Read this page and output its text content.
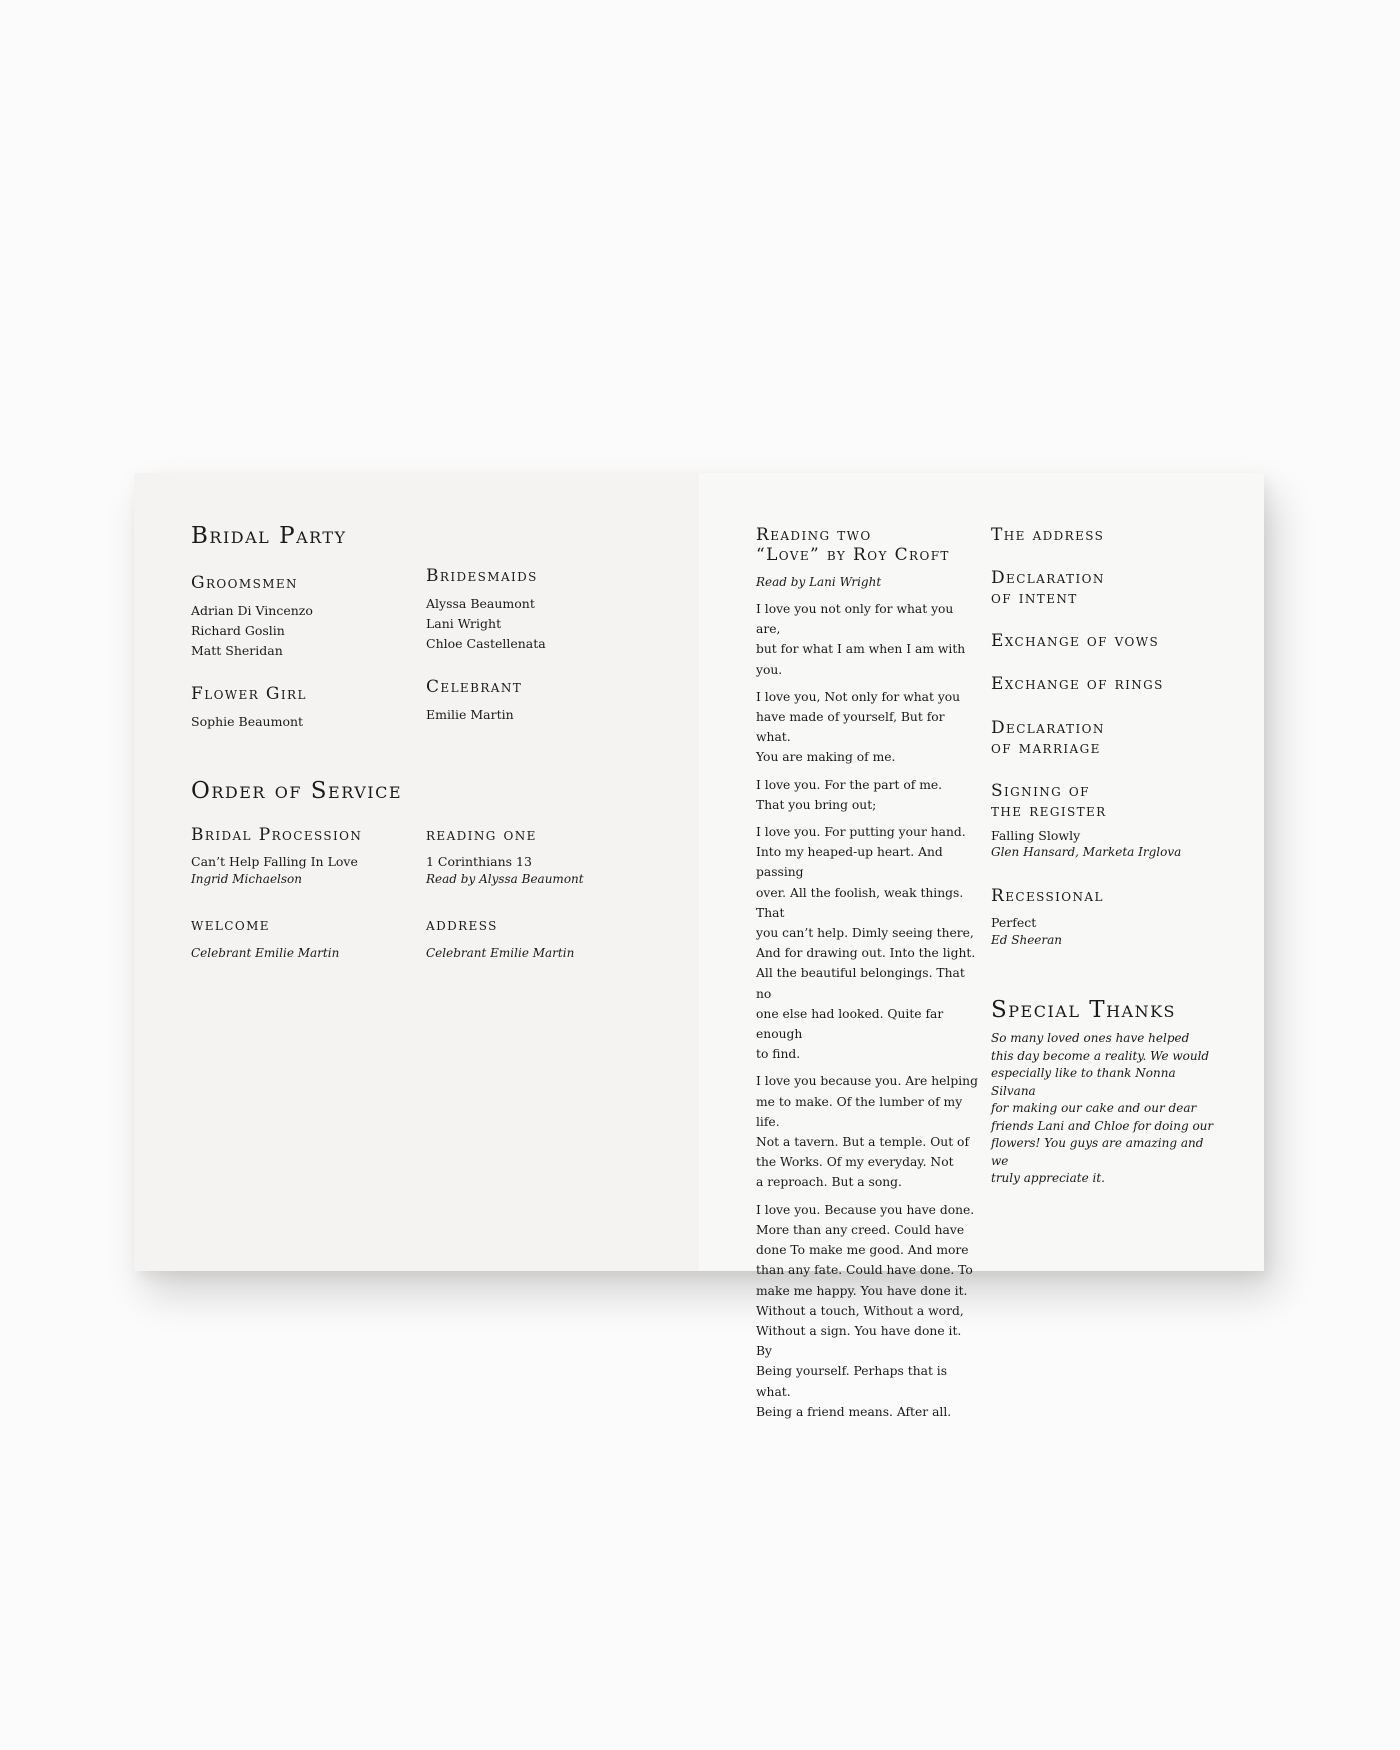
Bridal Party
Groomsmen
Adrian Di Vincenzo
Richard Goslin
Matt Sheridan
Bridesmaids
Alyssa Beaumont
Lani Wright
Chloe Castellenata
Flower Girl
Sophie Beaumont
Celebrant
Emilie Martin
Order of Service
Bridal Procession
Can’t Help Falling In Love
Ingrid Michaelson
reading one
1 Corinthians 13
Read by Alyssa Beaumont
welcome
Celebrant Emilie Martin
address
Celebrant Emilie Martin
Reading two
“Love” by Roy Croft
Read by Lani Wright

I love you not only for what you are,
but for what I am when I am with you.

I love you, Not only for what you
have made of yourself, But for what.
You are making of me.

I love you. For the part of me.
That you bring out;

I love you. For putting your hand.
Into my heaped-up heart. And passing
over. All the foolish, weak things. That
you can’t help. Dimly seeing there,
And for drawing out. Into the light.
All the beautiful belongings. That no
one else had looked. Quite far enough
to find.

I love you because you. Are helping
me to make. Of the lumber of my life.
Not a tavern. But a temple. Out of
the Works. Of my everyday. Not
a reproach. But a song.

I love you. Because you have done.
More than any creed. Could have
done To make me good. And more
than any fate. Could have done. To
make me happy. You have done it.
Without a touch, Without a word,
Without a sign. You have done it. By
Being yourself. Perhaps that is what.
Being a friend means. After all.

The address
Declaration
of intent
Exchange of vows
Exchange of rings
Declaration
of marriage
Signing of
the register
Falling Slowly
Glen Hansard, Marketa Irglova
Recessional
Perfect
Ed Sheeran
Special Thanks
So many loved ones have helped
this day become a reality. We would
especially like to thank Nonna Silvana
for making our cake and our dear
friends Lani and Chloe for doing our
flowers! You guys are amazing and we
truly appreciate it.
